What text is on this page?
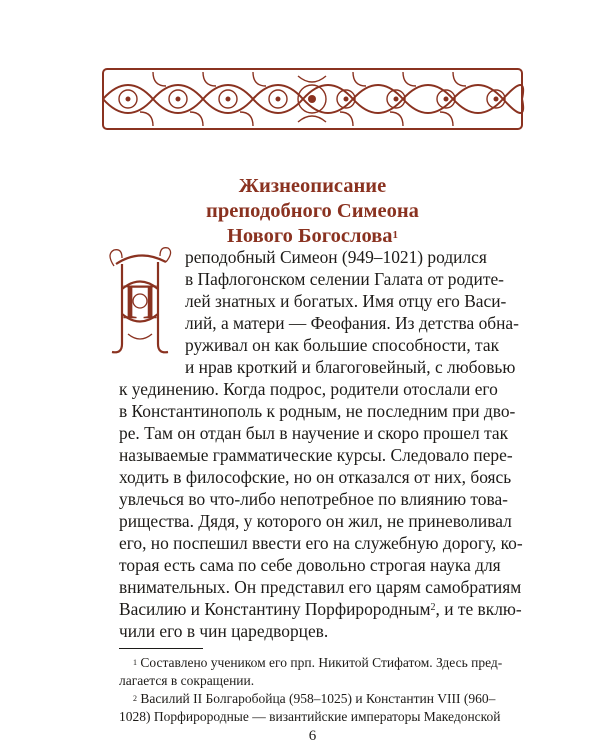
Жизнеописание
преподобного Симеона
Нового Богослова$^1$
П
реподобный Симеон (949–1021) родился
в Пафлогонском селении Галата от родите-
лей знатных и богатых. Имя отцу его Васи-
лий, а матери — Феофания. Из детства обна-
руживал он как большие способности, так
и нрав кроткий и благоговейный, с любовью
к уединению. Когда подрос, родители отослали его
в Константинополь к родным, не последним при дво-
ре. Там он отдан был в научение и скоро прошел так
называемые грамматические курсы. Следовало пере-
ходить в философские, но он отказался от них, боясь
увлечься во что-либо непотребное по влиянию това-
рищества. Дядя, у которого он жил, не приневоливал
его, но поспешил ввести его на служебную дорогу, ко-
торая есть сама по себе довольно строгая наука для
внимательных. Он представил его царям самобратиям
Василию и Константину Порфирородным$^2$, и те вклю-
чили его в чин царедворцев.
$^1$ Составлено учеником его прп. Никитой Стифатом. Здесь пред-
лагается в сокращении.
$^2$ Василий II Болгаробойца (958–1025) и Константин VIII (960–
1028) Порфирородные — византийские императоры Македонской
6
